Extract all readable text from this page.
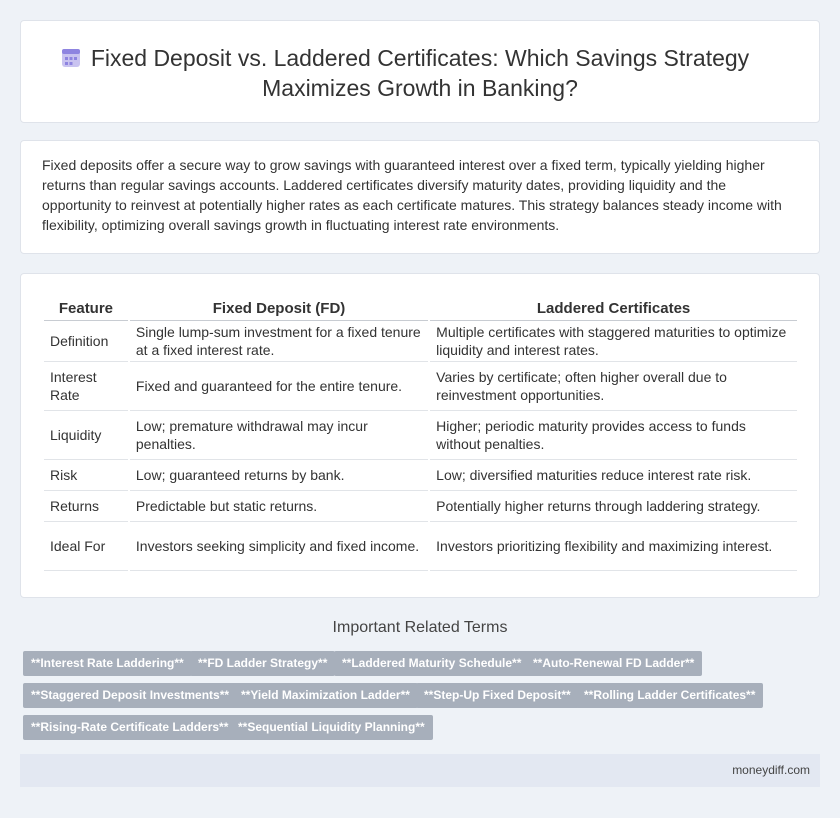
Fixed Deposit vs. Laddered Certificates: Which Savings Strategy Maximizes Growth in Banking?

Fixed deposits offer a secure way to grow savings with guaranteed interest over a fixed term, typically yielding higher returns than regular savings accounts. Laddered certificates diversify maturity dates, providing liquidity and the opportunity to reinvest at potentially higher rates as each certificate matures. This strategy balances steady income with flexibility, optimizing overall savings growth in fluctuating interest rate environments.

Feature	Fixed Deposit (FD)	Laddered Certificates
Definition	Single lump-sum investment for a fixed tenure at a fixed interest rate.	Multiple certificates with staggered maturities to optimize liquidity and interest rates.
Interest Rate	Fixed and guaranteed for the entire tenure.	Varies by certificate; often higher overall due to reinvestment opportunities.
Liquidity	Low; premature withdrawal may incur penalties.	Higher; periodic maturity provides access to funds without penalties.
Risk	Low; guaranteed returns by bank.	Low; diversified maturities reduce interest rate risk.
Returns	Predictable but static returns.	Potentially higher returns through laddering strategy.
Ideal For	Investors seeking simplicity and fixed income.	Investors prioritizing flexibility and maximizing interest.
Important Related Terms
**Interest Rate Laddering**	**FD Ladder Strategy**	**Laddered Maturity Schedule** **Auto-Renewal FD Ladder**
**Staggered Deposit Investments** **Yield Maximization Ladder**	**Step-Up Fixed Deposit**	**Rolling Ladder Certificates**
**Rising-Rate Certificate Ladders** **Sequential Liquidity Planning**
moneydiff.com
